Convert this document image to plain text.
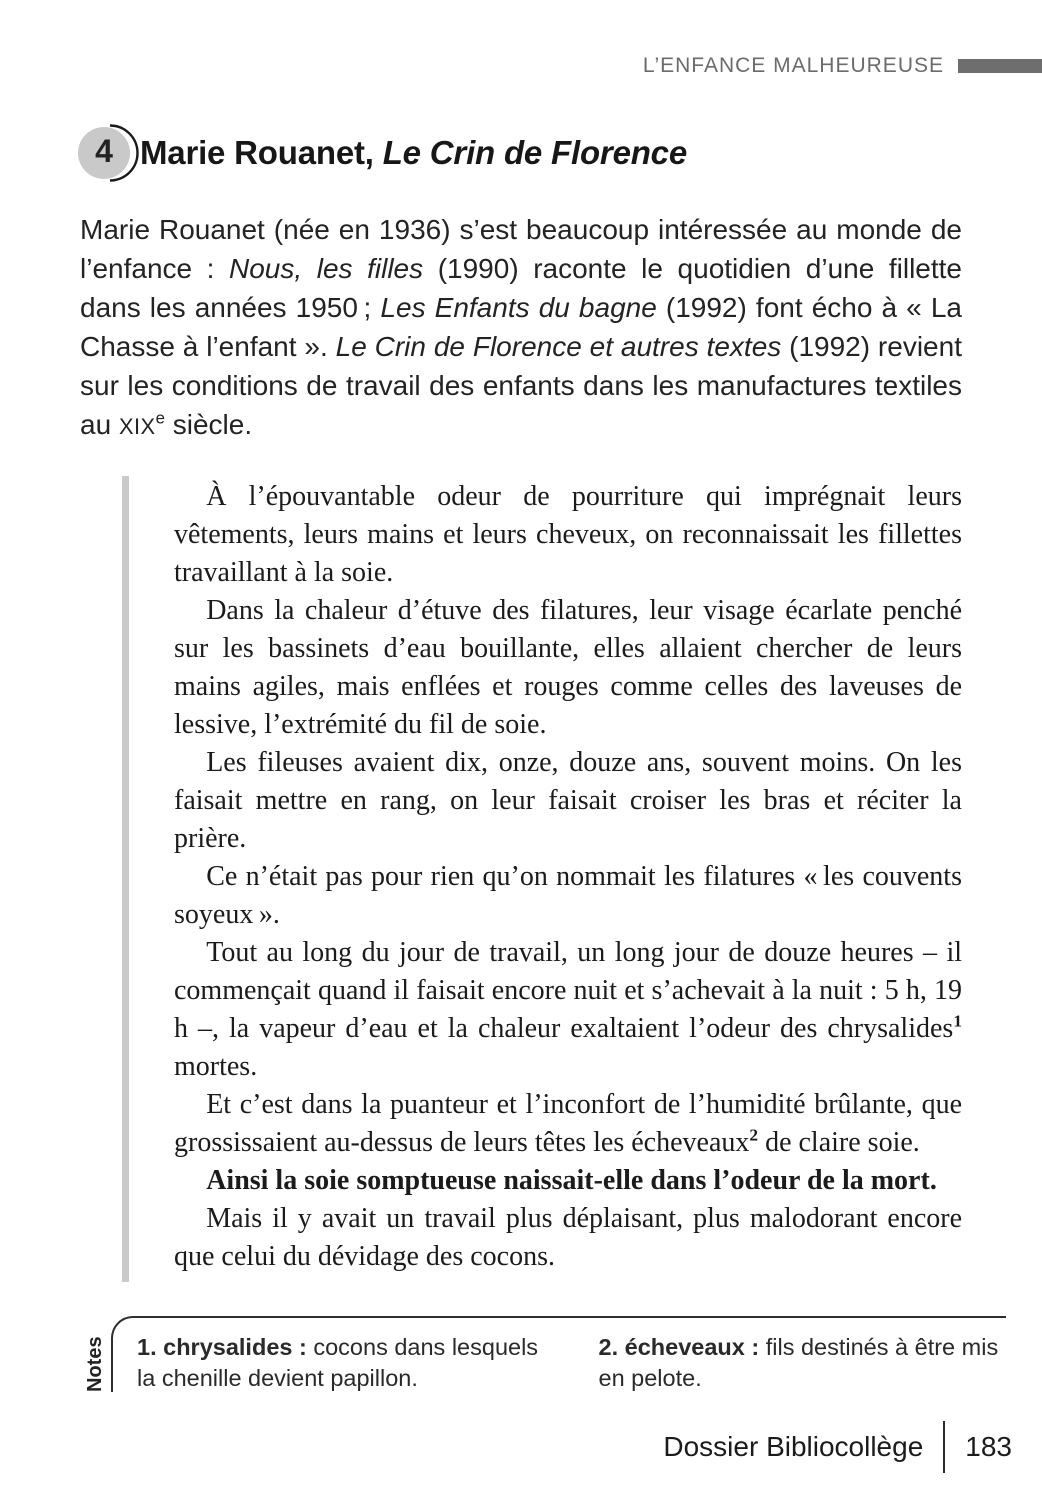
L’ENFANCE MALHEUREUSE
4 Marie Rouanet, Le Crin de Florence

Marie Rouanet (née en 1936) s’est beaucoup intéressée au monde de l’enfance : Nous, les filles (1990) raconte le quotidien d’une fillette dans les années 1950 ; Les Enfants du bagne (1992) font écho à « La Chasse à l’enfant ». Le Crin de Florence et autres textes (1992) revient sur les conditions de travail des enfants dans les manufactures textiles au XIXe siècle.

À l’épouvantable odeur de pourriture qui imprégnait leurs vêtements, leurs mains et leurs cheveux, on reconnaissait les fillettes travaillant à la soie.

Dans la chaleur d’étuve des filatures, leur visage écarlate penché sur les bassinets d’eau bouillante, elles allaient chercher de leurs mains agiles, mais enflées et rouges comme celles des laveuses de lessive, l’extrémité du fil de soie.

Les fileuses avaient dix, onze, douze ans, souvent moins. On les faisait mettre en rang, on leur faisait croiser les bras et réciter la prière.

Ce n’était pas pour rien qu’on nommait les filatures « les couvents soyeux ».

Tout au long du jour de travail, un long jour de douze heures – il commençait quand il faisait encore nuit et s’achevait à la nuit : 5 h, 19 h –, la vapeur d’eau et la chaleur exaltaient l’odeur des chrysalides$^1$ mortes.

Et c’est dans la puanteur et l’inconfort de l’humidité brûlante, que grossissaient au-dessus de leurs têtes les écheveaux$^2$ de claire soie.

Ainsi la soie somptueuse naissait-elle dans l’odeur de la mort.

Mais il y avait un travail plus déplaisant, plus malodorant encore que celui du dévidage des cocons.

Notes 1. chrysalides : cocons dans lesquels la chenille devient papillon.

2. écheveaux : fils destinés à être mis en pelote.

Dossier Bibliocollège 183
